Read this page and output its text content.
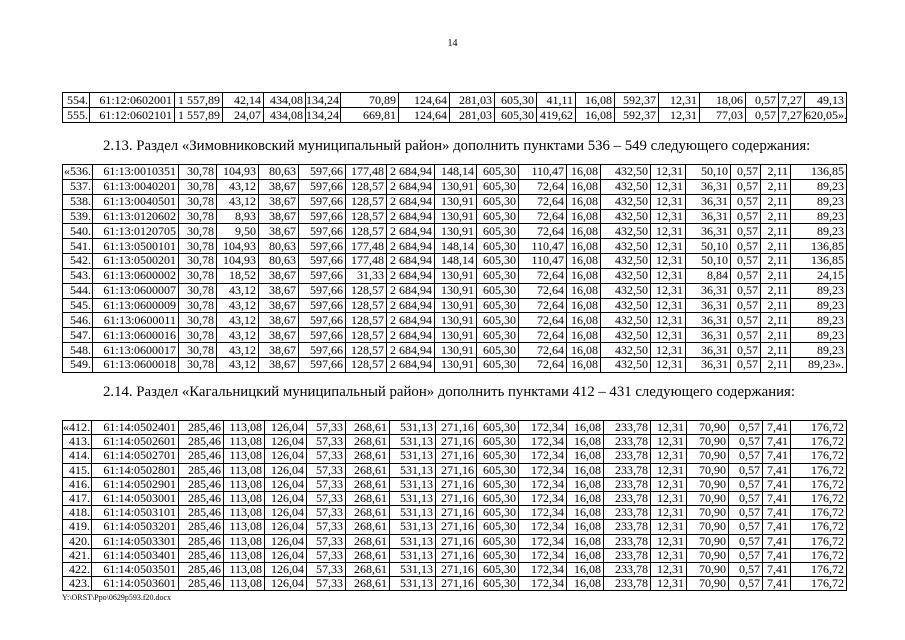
14
554.	61:12:0602001	1 557,89	42,14	434,08	134,24	70,89	124,64	281,03	605,30	41,11	16,08	592,37	12,31	18,06	0,57	7,27	49,13
555.	61:12:0602101	1 557,89	24,07	434,08	134,24	669,81	124,64	281,03	605,30	419,62	16,08	592,37	12,31	77,03	0,57	7,27	620,05».
2.13. Раздел «Зимовниковский муниципальный район» дополнить пунктами 536 – 549 следующего содержания:
«536.	61:13:0010351	30,78	104,93	80,63	597,66	177,48	2 684,94	148,14	605,30	110,47	16,08	432,50	12,31	50,10	0,57	2,11	136,85
537.	61:13:0040201	30,78	43,12	38,67	597,66	128,57	2 684,94	130,91	605,30	72,64	16,08	432,50	12,31	36,31	0,57	2,11	89,23
538.	61:13:0040501	30,78	43,12	38,67	597,66	128,57	2 684,94	130,91	605,30	72,64	16,08	432,50	12,31	36,31	0,57	2,11	89,23
539.	61:13:0120602	30,78	8,93	38,67	597,66	128,57	2 684,94	130,91	605,30	72,64	16,08	432,50	12,31	36,31	0,57	2,11	89,23
540.	61:13:0120705	30,78	9,50	38,67	597,66	128,57	2 684,94	130,91	605,30	72,64	16,08	432,50	12,31	36,31	0,57	2,11	89,23
541.	61:13:0500101	30,78	104,93	80,63	597,66	177,48	2 684,94	148,14	605,30	110,47	16,08	432,50	12,31	50,10	0,57	2,11	136,85
542.	61:13:0500201	30,78	104,93	80,63	597,66	177,48	2 684,94	148,14	605,30	110,47	16,08	432,50	12,31	50,10	0,57	2,11	136,85
543.	61:13:0600002	30,78	18,52	38,67	597,66	31,33	2 684,94	130,91	605,30	72,64	16,08	432,50	12,31	8,84	0,57	2,11	24,15
544.	61:13:0600007	30,78	43,12	38,67	597,66	128,57	2 684,94	130,91	605,30	72,64	16,08	432,50	12,31	36,31	0,57	2,11	89,23
545.	61:13:0600009	30,78	43,12	38,67	597,66	128,57	2 684,94	130,91	605,30	72,64	16,08	432,50	12,31	36,31	0,57	2,11	89,23
546.	61:13:0600011	30,78	43,12	38,67	597,66	128,57	2 684,94	130,91	605,30	72,64	16,08	432,50	12,31	36,31	0,57	2,11	89,23
547.	61:13:0600016	30,78	43,12	38,67	597,66	128,57	2 684,94	130,91	605,30	72,64	16,08	432,50	12,31	36,31	0,57	2,11	89,23
548.	61:13:0600017	30,78	43,12	38,67	597,66	128,57	2 684,94	130,91	605,30	72,64	16,08	432,50	12,31	36,31	0,57	2,11	89,23
549.	61:13:0600018	30,78	43,12	38,67	597,66	128,57	2 684,94	130,91	605,30	72,64	16,08	432,50	12,31	36,31	0,57	2,11	89,23».
2.14. Раздел «Кагальницкий муниципальный район» дополнить пунктами 412 – 431 следующего содержания:
«412.	61:14:0502401	285,46	113,08	126,04	57,33	268,61	531,13	271,16	605,30	172,34	16,08	233,78	12,31	70,90	0,57	7,41	176,72
413.	61:14:0502601	285,46	113,08	126,04	57,33	268,61	531,13	271,16	605,30	172,34	16,08	233,78	12,31	70,90	0,57	7,41	176,72
414.	61:14:0502701	285,46	113,08	126,04	57,33	268,61	531,13	271,16	605,30	172,34	16,08	233,78	12,31	70,90	0,57	7,41	176,72
415.	61:14:0502801	285,46	113,08	126,04	57,33	268,61	531,13	271,16	605,30	172,34	16,08	233,78	12,31	70,90	0,57	7,41	176,72
416.	61:14:0502901	285,46	113,08	126,04	57,33	268,61	531,13	271,16	605,30	172,34	16,08	233,78	12,31	70,90	0,57	7,41	176,72
417.	61:14:0503001	285,46	113,08	126,04	57,33	268,61	531,13	271,16	605,30	172,34	16,08	233,78	12,31	70,90	0,57	7,41	176,72
418.	61:14:0503101	285,46	113,08	126,04	57,33	268,61	531,13	271,16	605,30	172,34	16,08	233,78	12,31	70,90	0,57	7,41	176,72
419.	61:14:0503201	285,46	113,08	126,04	57,33	268,61	531,13	271,16	605,30	172,34	16,08	233,78	12,31	70,90	0,57	7,41	176,72
420.	61:14:0503301	285,46	113,08	126,04	57,33	268,61	531,13	271,16	605,30	172,34	16,08	233,78	12,31	70,90	0,57	7,41	176,72
421.	61:14:0503401	285,46	113,08	126,04	57,33	268,61	531,13	271,16	605,30	172,34	16,08	233,78	12,31	70,90	0,57	7,41	176,72
422.	61:14:0503501	285,46	113,08	126,04	57,33	268,61	531,13	271,16	605,30	172,34	16,08	233,78	12,31	70,90	0,57	7,41	176,72
423.	61:14:0503601	285,46	113,08	126,04	57,33	268,61	531,13	271,16	605,30	172,34	16,08	233,78	12,31	70,90	0,57	7,41	176,72
Y:\ORST\Ppo\0629p593.f20.docx
